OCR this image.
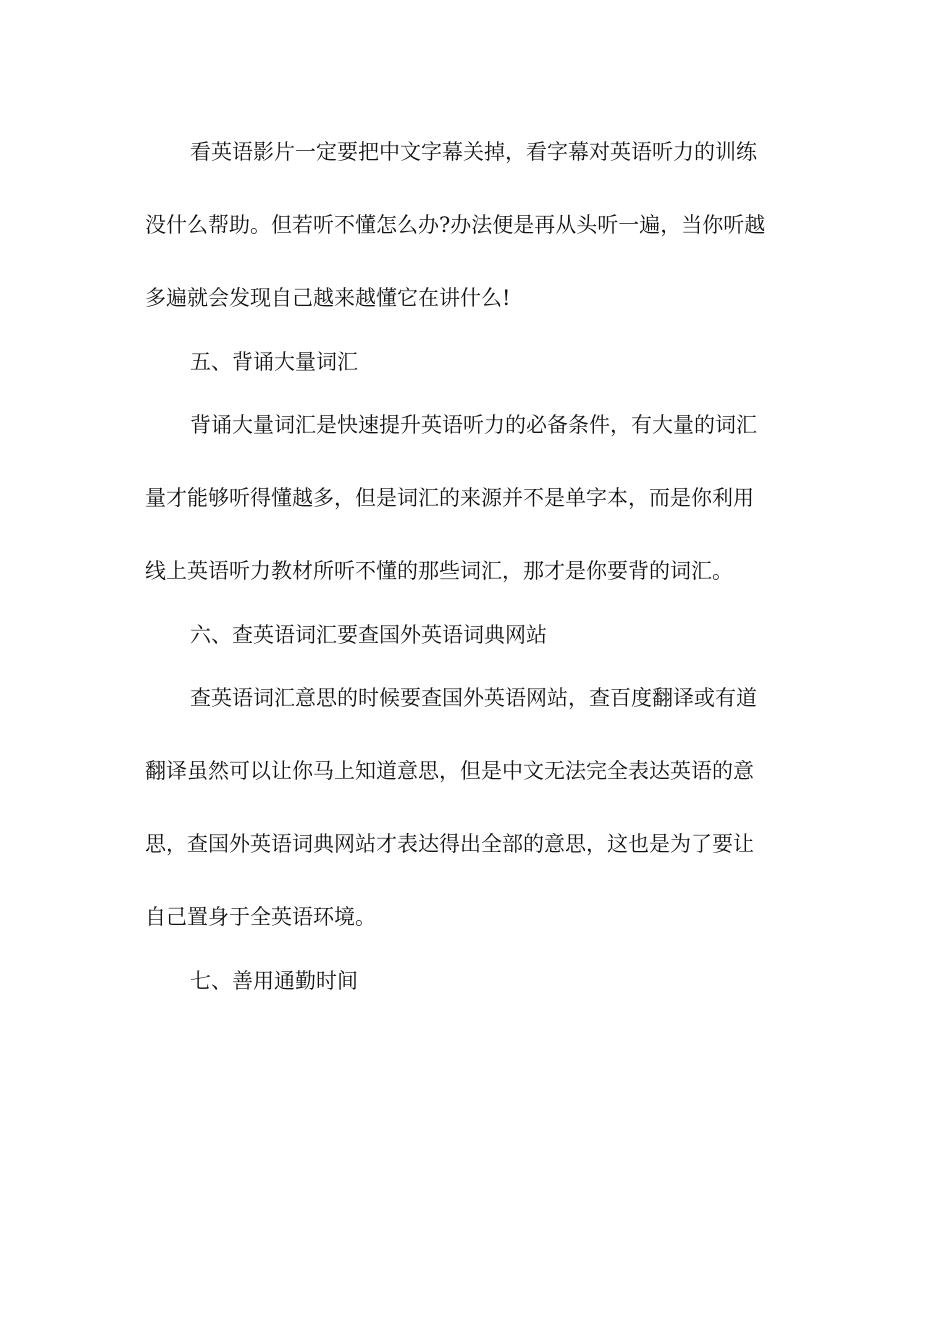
看英语影片一定要把中文字幕关掉，看字幕对英语听力的训练

没什么帮助。但若听不懂怎么办?办法便是再从头听一遍，当你听越

多遍就会发现自己越来越懂它在讲什么!

五、背诵大量词汇

背诵大量词汇是快速提升英语听力的必备条件，有大量的词汇

量才能够听得懂越多，但是词汇的来源并不是单字本，而是你利用

线上英语听力教材所听不懂的那些词汇，那才是你要背的词汇。

六、查英语词汇要查国外英语词典网站

查英语词汇意思的时候要查国外英语网站，查百度翻译或有道

翻译虽然可以让你马上知道意思，但是中文无法完全表达英语的意

思，查国外英语词典网站才表达得出全部的意思，这也是为了要让

自己置身于全英语环境。

七、善用通勤时间
